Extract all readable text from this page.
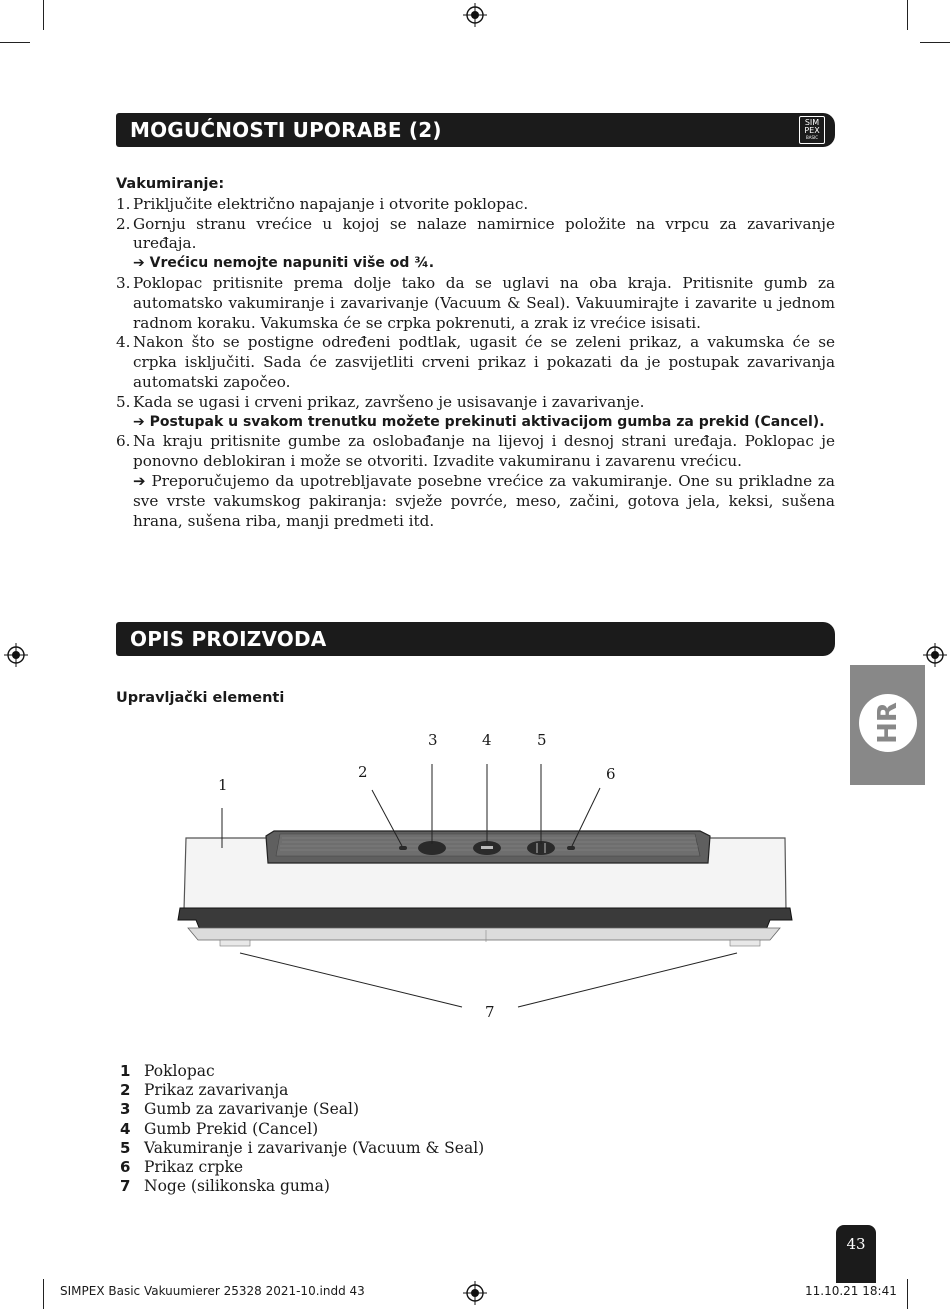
MOGUĆNOSTI UPORABE (2)	SIM
PEX
BASIC
Vakumiranje:
1. Priključite električno napajanje i otvorite poklopac.
2. Gornju stranu vrećice u kojoj se nalaze namirnice položite na vrpcu za zavarivanje uređaja.
➔ Vrećicu nemojte napuniti više od ¾.
3. Poklopac pritisnite prema dolje tako da se uglavi na oba kraja. Pritisnite gumb za automatsko vakumiranje i zavarivanje (Vacuum & Seal). Vakuumirajte i zavarite u jednom radnom koraku. Vakumska će se crpka pokrenuti, a zrak iz vrećice isisati.
4. Nakon što se postigne određeni podtlak, ugasit će se zeleni prikaz, a vakumska će se crpka isključiti. Sada će zasvijetliti crveni prikaz i pokazati da je postupak zavarivanja automatski započeo.
5. Kada se ugasi i crveni prikaz, završeno je usisavanje i zavarivanje.
➔ Postupak u svakom trenutku možete prekinuti aktivacijom gumba za prekid (Cancel).
6. Na kraju pritisnite gumbe za oslobađanje na lijevoj i desnoj strani uređaja. Poklopac je ponovno deblokiran i može se otvoriti. Izvadite vakumiranu i zavarenu vrećicu.
➔ Preporučujemo da upotrebljavate posebne vrećice za vakumiranje. One su prikladne za sve vrste vakumskog pakiranja: svježe povrće, meso, začini, gotova jela, keksi, sušena hrana, sušena riba, manji predmeti itd.
OPIS PROIZVODA
Upravljački elementi
HR
1
2
3	4	5
6
7
1 Poklopac
2 Prikaz zavarivanja
3 Gumb za zavarivanje (Seal)
4 Gumb Prekid (Cancel)
5 Vakumiranje i zavarivanje (Vacuum & Seal)
6 Prikaz crpke
7 Noge (silikonska guma)
43
SIMPEX Basic Vakuumierer 25328 2021-10.indd 43	11.10.21 18:41
